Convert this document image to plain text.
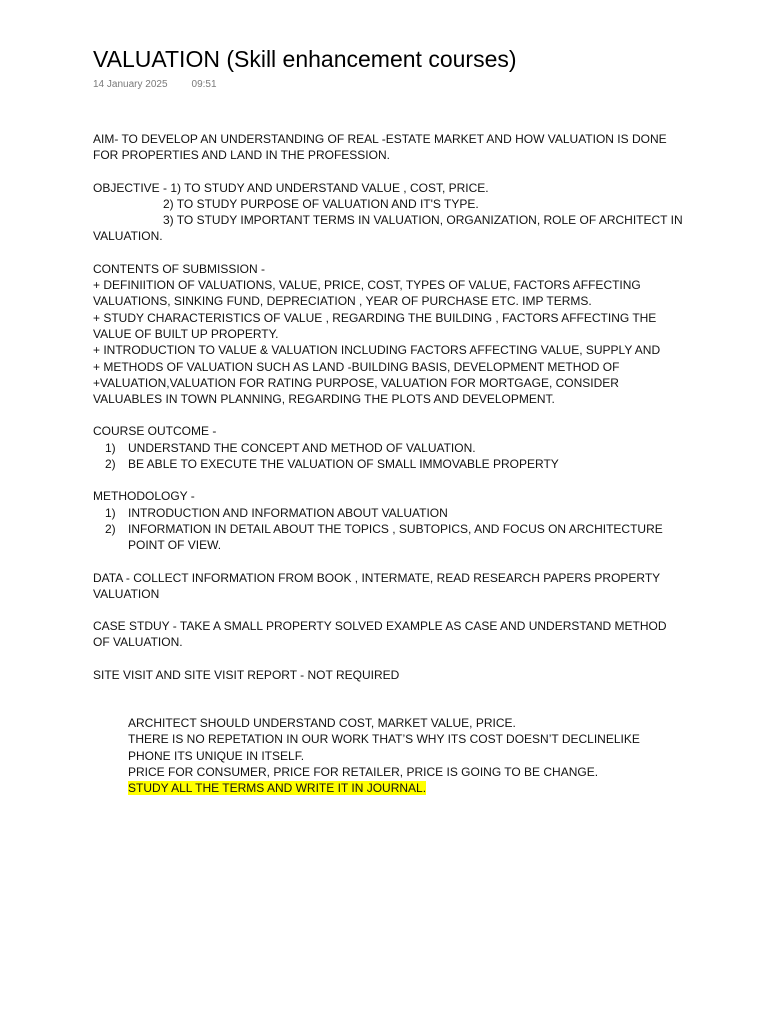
VALUATION (Skill enhancement courses)
14 January 2025 09:51

AIM- TO DEVELOP AN UNDERSTANDING OF REAL -ESTATE MARKET AND HOW VALUATION IS DONE FOR PROPERTIES AND LAND IN THE PROFESSION.

OBJECTIVE - 1) TO STUDY AND UNDERSTAND VALUE , COST, PRICE.

2) TO STUDY PURPOSE OF VALUATION AND IT'S TYPE.

3) TO STUDY IMPORTANT TERMS IN VALUATION, ORGANIZATION, ROLE OF ARCHITECT IN VALUATION.

CONTENTS OF SUBMISSION -

+ DEFINIITION OF VALUATIONS, VALUE, PRICE, COST, TYPES OF VALUE, FACTORS AFFECTING VALUATIONS, SINKING FUND, DEPRECIATION , YEAR OF PURCHASE ETC. IMP TERMS.

+ STUDY CHARACTERISTICS OF VALUE , REGARDING THE BUILDING , FACTORS AFFECTING THE VALUE OF BUILT UP PROPERTY.

+ INTRODUCTION TO VALUE & VALUATION INCLUDING FACTORS AFFECTING VALUE, SUPPLY AND

+ METHODS OF VALUATION SUCH AS LAND -BUILDING BASIS, DEVELOPMENT METHOD OF

+VALUATION,VALUATION FOR RATING PURPOSE, VALUATION FOR MORTGAGE, CONSIDER VALUABLES IN TOWN PLANNING, REGARDING THE PLOTS AND DEVELOPMENT.

COURSE OUTCOME -

1) UNDERSTAND THE CONCEPT AND METHOD OF VALUATION.
2) BE ABLE TO EXECUTE THE VALUATION OF SMALL IMMOVABLE PROPERTY

METHODOLOGY -

1) INTRODUCTION AND INFORMATION ABOUT VALUATION
2) INFORMATION IN DETAIL ABOUT THE TOPICS , SUBTOPICS, AND FOCUS ON ARCHITECTURE POINT OF VIEW.

DATA - COLLECT INFORMATION FROM BOOK , INTERMATE, READ RESEARCH PAPERS PROPERTY VALUATION

CASE STDUY - TAKE A SMALL PROPERTY SOLVED EXAMPLE AS CASE AND UNDERSTAND METHOD OF VALUATION.

SITE VISIT AND SITE VISIT REPORT - NOT REQUIRED

ARCHITECT SHOULD UNDERSTAND COST, MARKET VALUE, PRICE.

THERE IS NO REPETATION IN OUR WORK THAT’S WHY ITS COST DOESN’T DECLINELIKE PHONE ITS UNIQUE IN ITSELF.

PRICE FOR CONSUMER, PRICE FOR RETAILER, PRICE IS GOING TO BE CHANGE.

STUDY ALL THE TERMS AND WRITE IT IN JOURNAL.
